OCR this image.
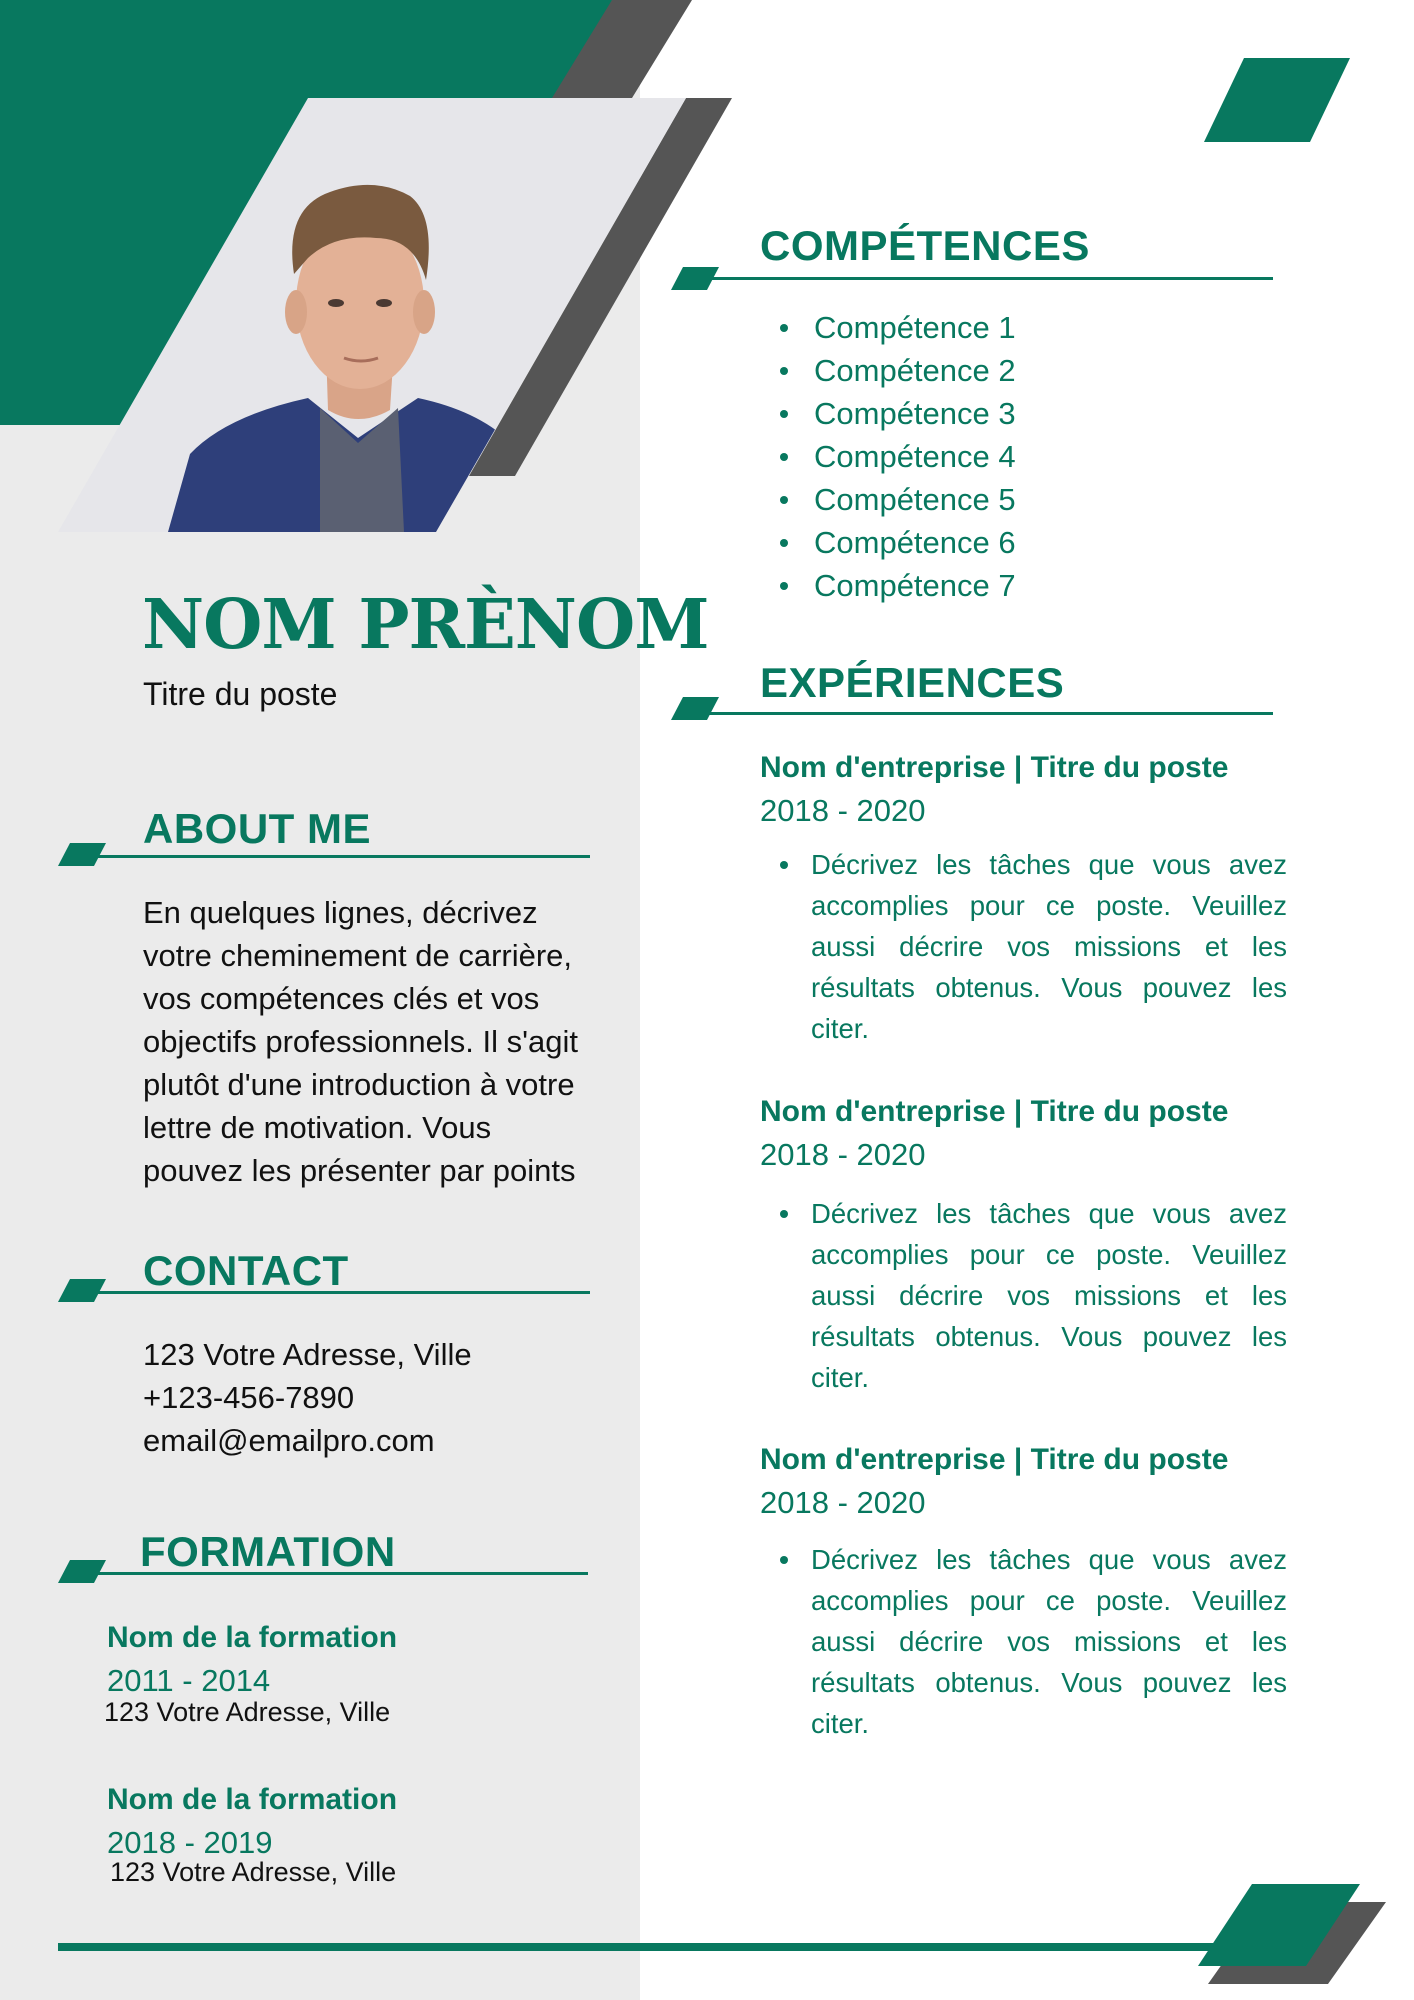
NOM PRÈNOM
Titre du poste
ABOUT ME
En quelques lignes, décrivez
votre cheminement de carrière,
vos compétences clés et vos
objectifs professionnels. Il s'agit
plutôt d'une introduction à votre
lettre de motivation. Vous
pouvez les présenter par points
CONTACT
123 Votre Adresse, Ville
+123-456-7890
email@emailpro.com
FORMATION
Nom de la formation
2011 - 2014
123 Votre Adresse, Ville
Nom de la formation
2018 - 2019
123 Votre Adresse, Ville
COMPÉTENCES
Compétence 1
Compétence 2
Compétence 3
Compétence 4
Compétence 5
Compétence 6
Compétence 7
EXPÉRIENCES
Nom d'entreprise | Titre du poste
2018 - 2020
Décrivez les tâches que vous avez accomplies pour ce poste. Veuillez aussi décrire vos missions et les résultats obtenus. Vous pouvez les citer.
Nom d'entreprise | Titre du poste
2018 - 2020
Décrivez les tâches que vous avez accomplies pour ce poste. Veuillez aussi décrire vos missions et les résultats obtenus. Vous pouvez les citer.
Nom d'entreprise | Titre du poste
2018 - 2020
Décrivez les tâches que vous avez accomplies pour ce poste. Veuillez aussi décrire vos missions et les résultats obtenus. Vous pouvez les citer.
